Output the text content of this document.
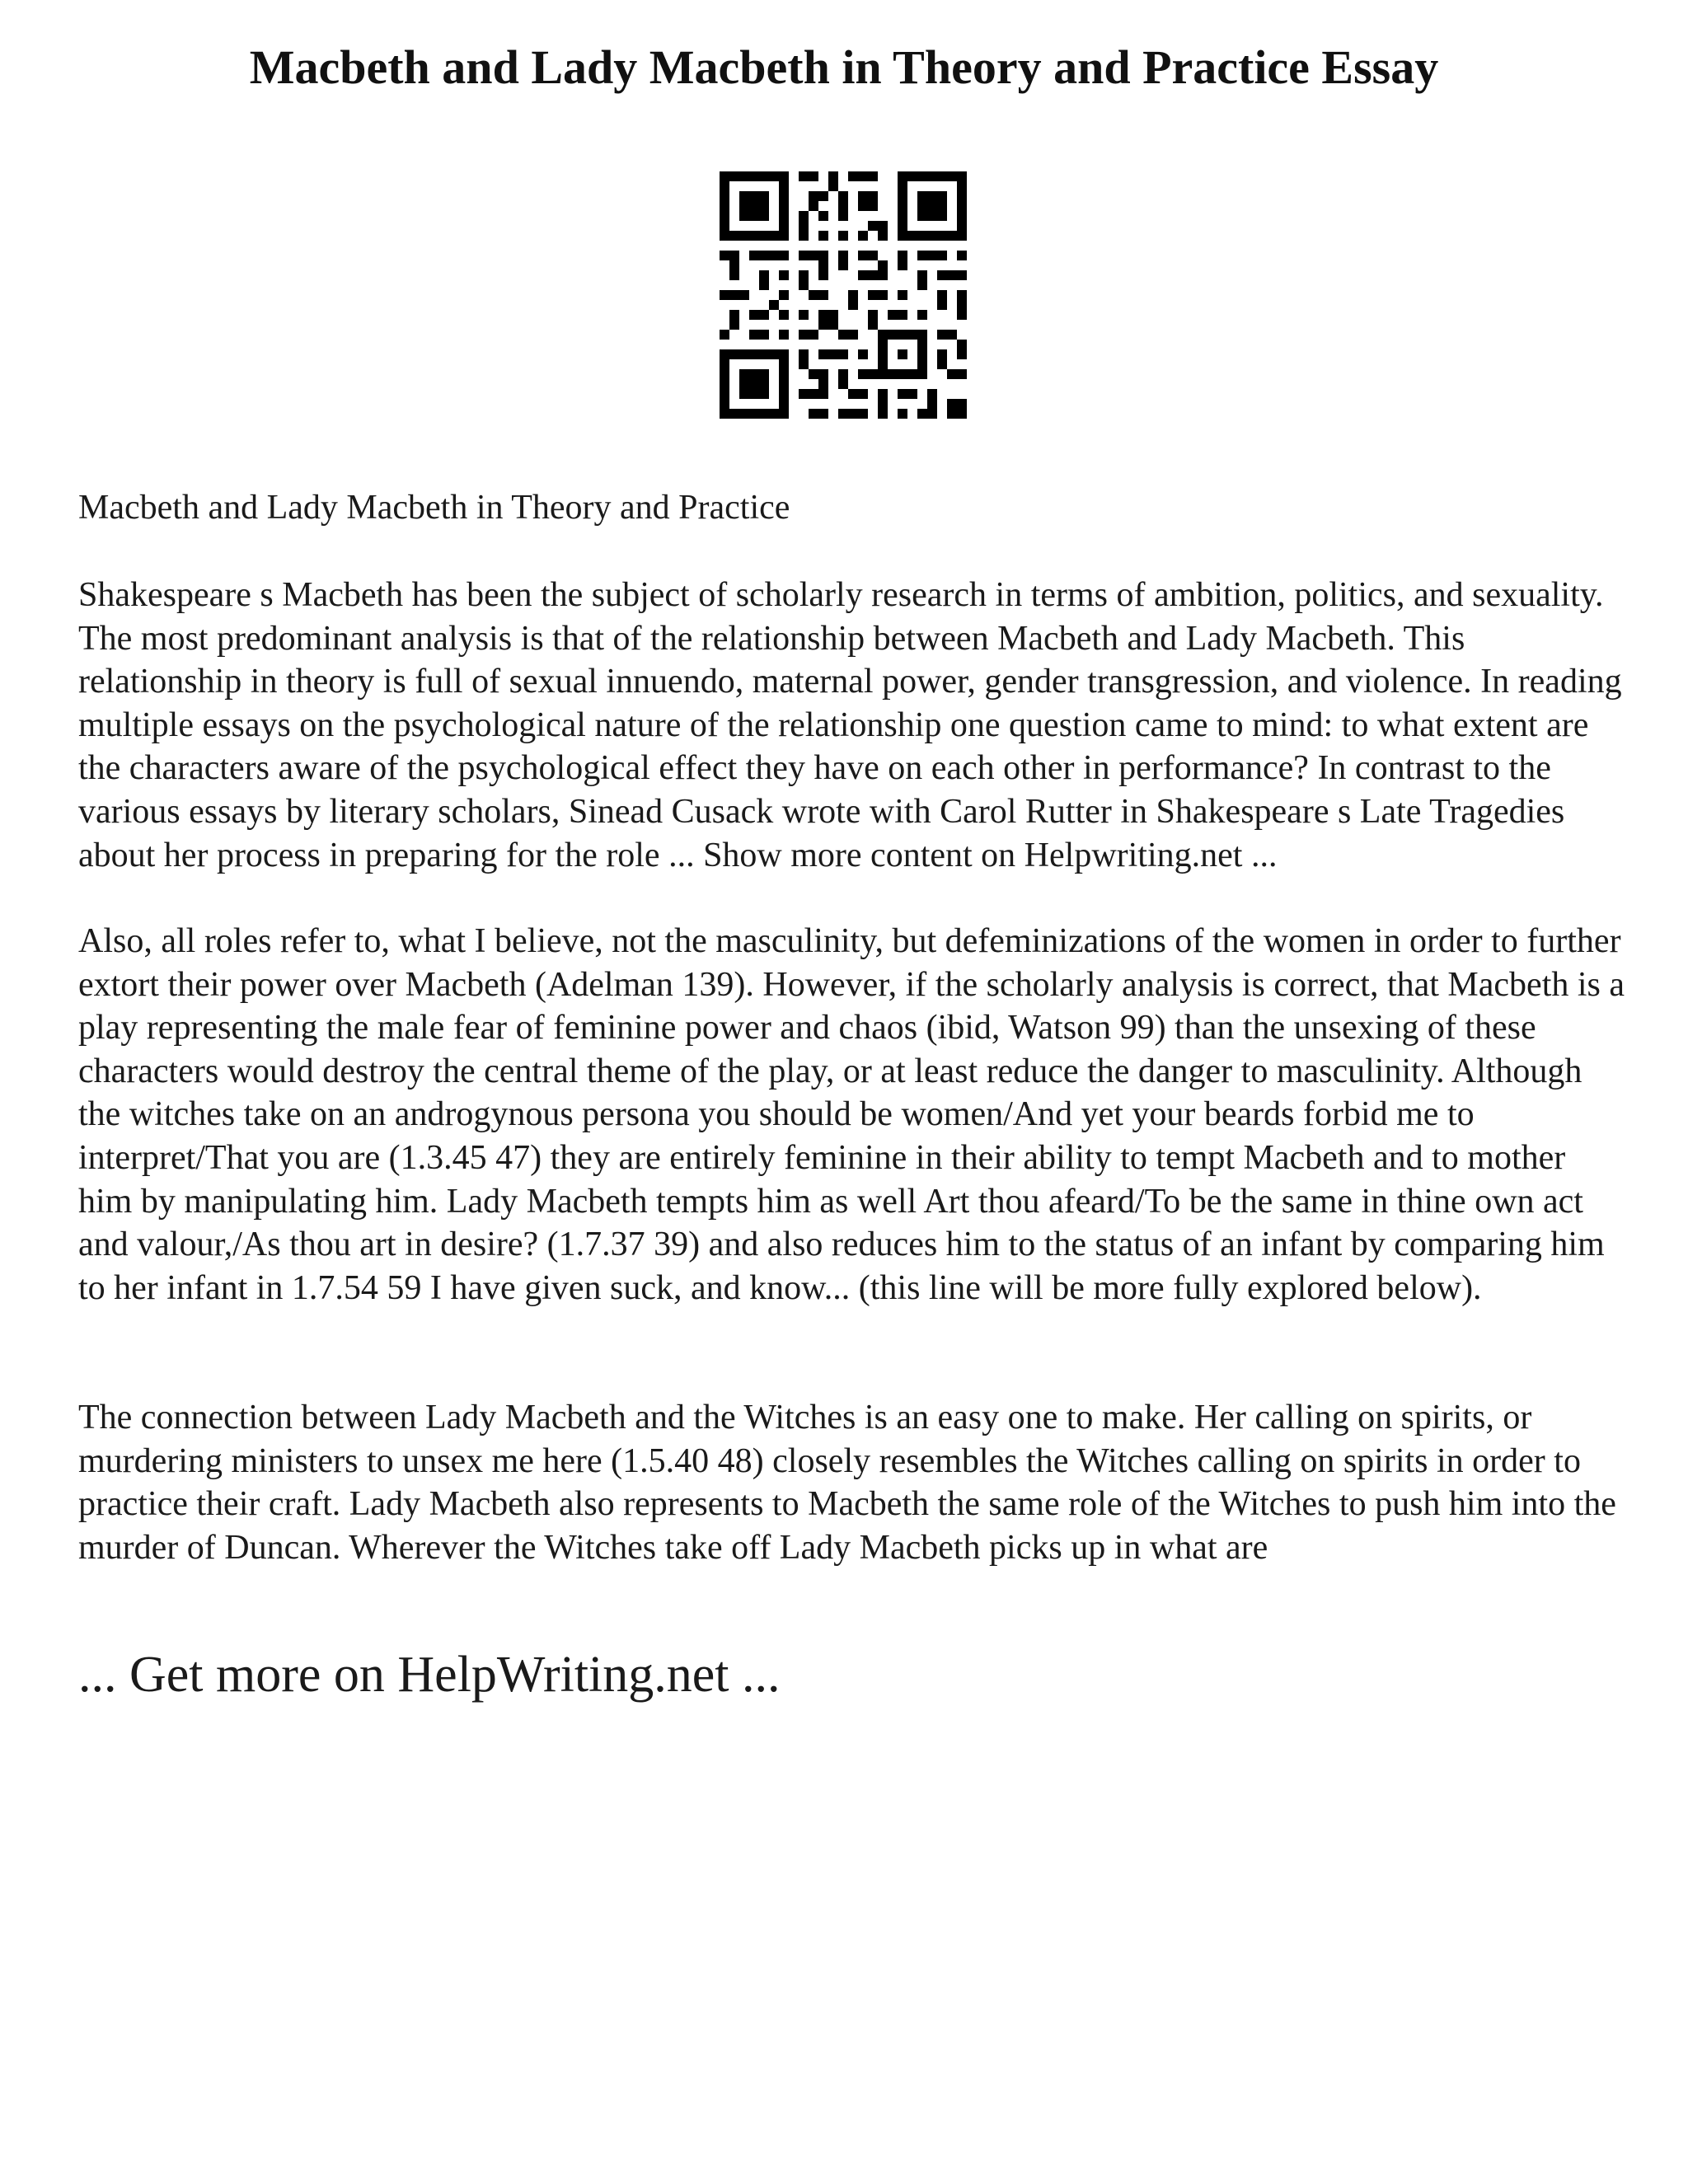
Macbeth and Lady Macbeth in Theory and Practice Essay

Macbeth and Lady Macbeth in Theory and Practice

Shakespeare s Macbeth has been the subject of scholarly research in terms of ambition, politics, and sexuality. The most predominant analysis is that of the relationship between Macbeth and Lady Macbeth. This relationship in theory is full of sexual innuendo, maternal power, gender transgression, and violence. In reading multiple essays on the psychological nature of the relationship one question came to mind: to what extent are the characters aware of the psychological effect they have on each other in performance? In contrast to the various essays by literary scholars, Sinead Cusack wrote with Carol Rutter in Shakespeare s Late Tragedies about her process in preparing for the role ... Show more content on Helpwriting.net ...

Also, all roles refer to, what I believe, not the masculinity, but defeminizations of the women in order to further extort their power over Macbeth (Adelman 139). However, if the scholarly analysis is correct, that Macbeth is a play representing the male fear of feminine power and chaos (ibid, Watson 99) than the unsexing of these characters would destroy the central theme of the play, or at least reduce the danger to masculinity. Although the witches take on an androgynous persona you should be women/And yet your beards forbid me to interpret/That you are (1.3.45 47) they are entirely feminine in their ability to tempt Macbeth and to mother him by manipulating him. Lady Macbeth tempts him as well Art thou afeard/To be the same in thine own act and valour,/As thou art in desire? (1.7.37 39) and also reduces him to the status of an infant by comparing him to her infant in 1.7.54 59 I have given suck, and know... (this line will be more fully explored below).

The connection between Lady Macbeth and the Witches is an easy one to make. Her calling on spirits, or murdering ministers to unsex me here (1.5.40 48) closely resembles the Witches calling on spirits in order to practice their craft. Lady Macbeth also represents to Macbeth the same role of the Witches to push him into the murder of Duncan. Wherever the Witches take off Lady Macbeth picks up in what are

... Get more on HelpWriting.net ...
